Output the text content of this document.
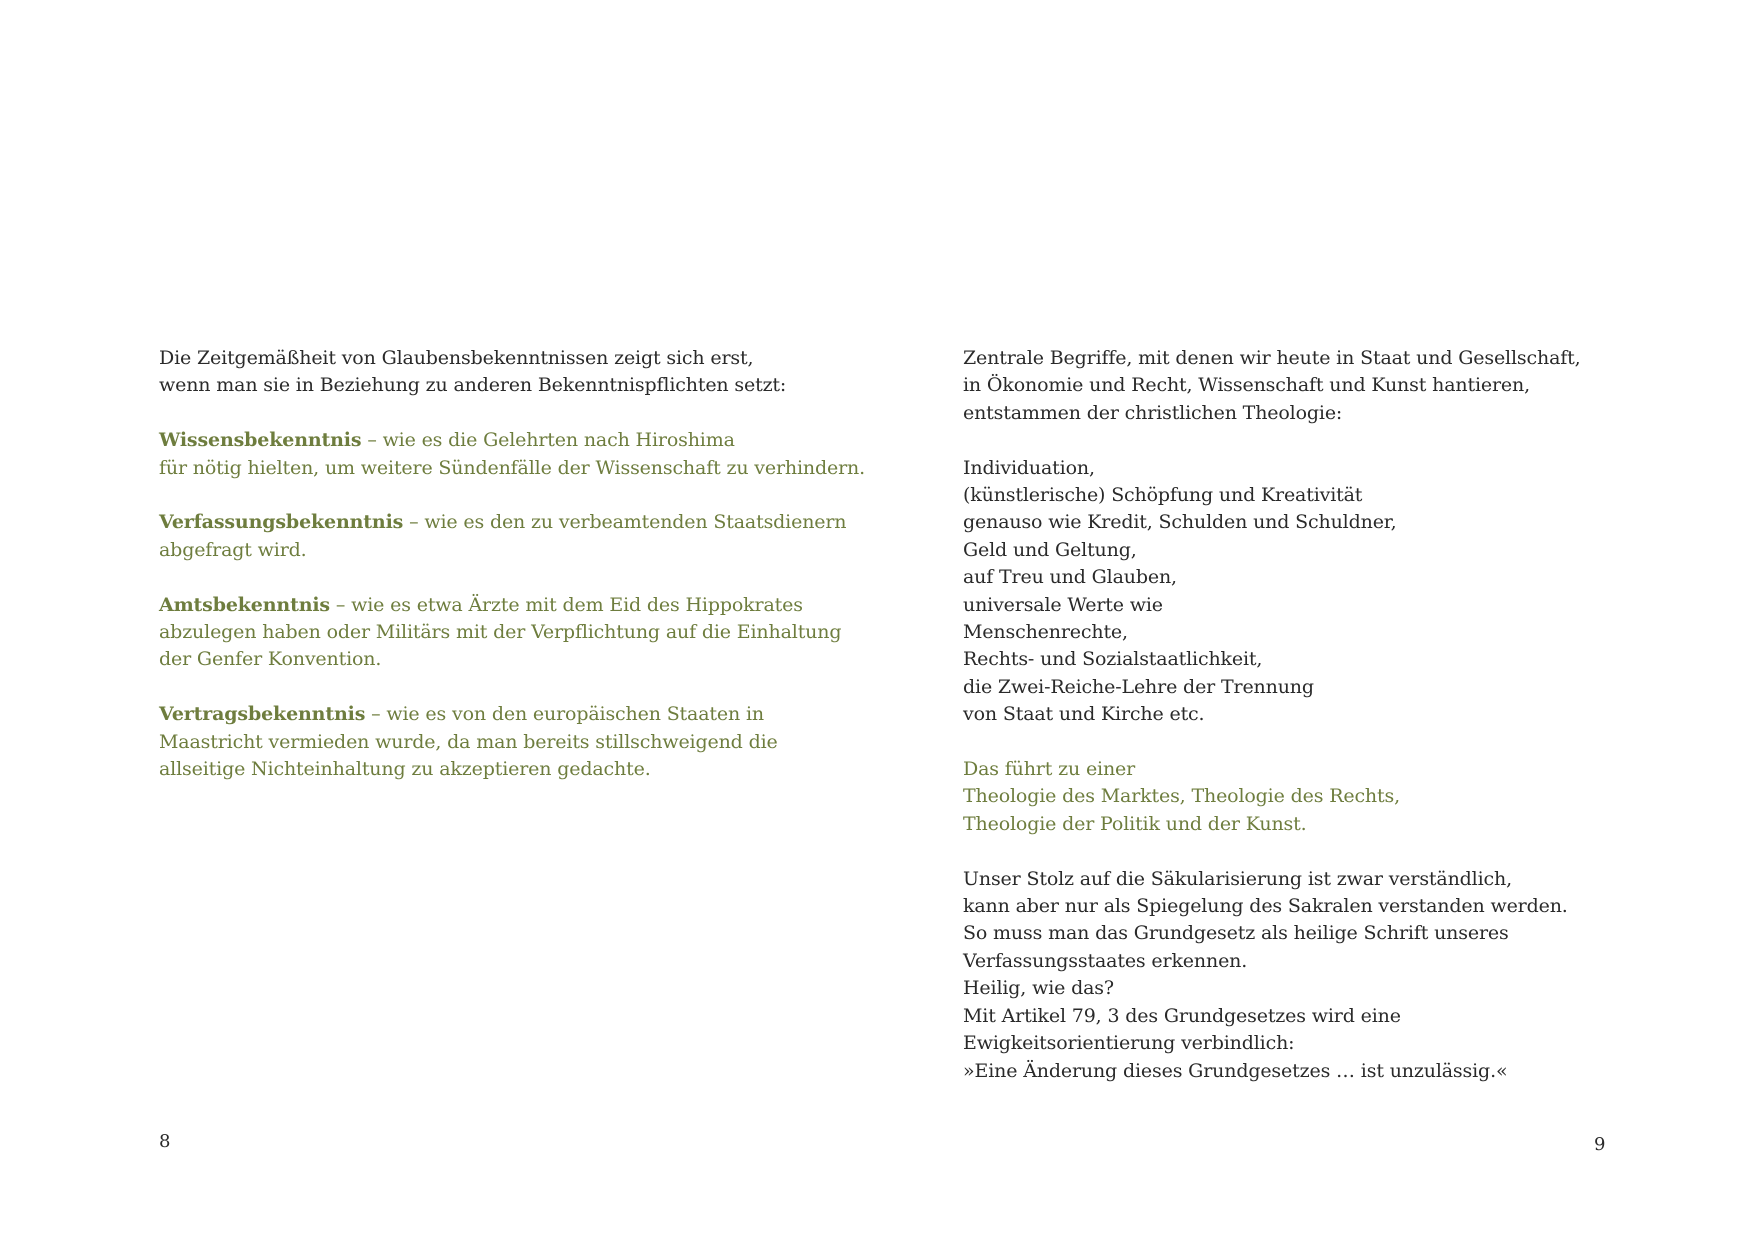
Die Zeitgemäßheit von Glaubensbekenntnissen zeigt sich erst,
wenn man sie in Beziehung zu anderen Bekenntnispflichten setzt:

Wissensbekenntnis – wie es die Gelehrten nach Hiroshima
für nötig hielten, um weitere Sündenfälle der Wissenschaft zu verhindern.

Verfassungsbekenntnis – wie es den zu verbeamtenden Staatsdienern
abgefragt wird.

Amtsbekenntnis – wie es etwa Ärzte mit dem Eid des Hippokrates
abzulegen haben oder Militärs mit der Verpflichtung auf die Einhaltung
der Genfer Konvention.

Vertragsbekenntnis – wie es von den europäischen Staaten in
Maastricht vermieden wurde, da man bereits stillschweigend die
allseitige Nichteinhaltung zu akzeptieren gedachte.

8

Zentrale Begriffe, mit denen wir heute in Staat und Gesellschaft,
in Ökonomie und Recht, Wissenschaft und Kunst hantieren,
entstammen der christlichen Theologie:

Individuation,
(künstlerische) Schöpfung und Kreativität
genauso wie Kredit, Schulden und Schuldner,
Geld und Geltung,
auf Treu und Glauben,
universale Werte wie
Menschenrechte,
Rechts- und Sozialstaatlichkeit,
die Zwei-Reiche-Lehre der Trennung
von Staat und Kirche etc.

Das führt zu einer
Theologie des Marktes, Theologie des Rechts,
Theologie der Politik und der Kunst.

Unser Stolz auf die Säkularisierung ist zwar verständlich,
kann aber nur als Spiegelung des Sakralen verstanden werden.
So muss man das Grundgesetz als heilige Schrift unseres
Verfassungsstaates erkennen.
Heilig, wie das?
Mit Artikel 79, 3 des Grundgesetzes wird eine
Ewigkeitsorientierung verbindlich:
»Eine Änderung dieses Grundgesetzes … ist unzulässig.«

9
